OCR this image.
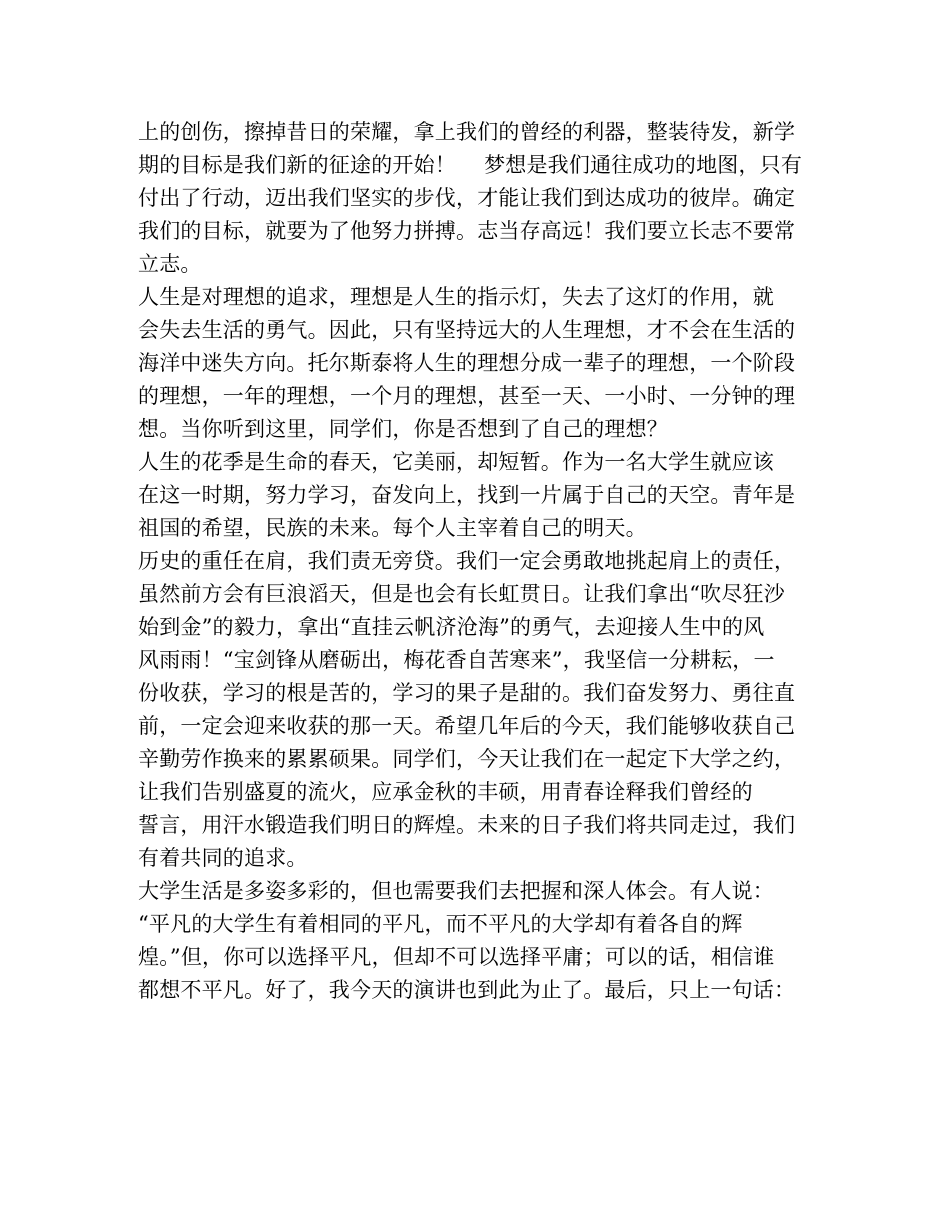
上的创伤，擦掉昔日的荣耀，拿上我们的曾经的利器，整装待发，新学
期的目标是我们新的征途的开始！　 梦想是我们通往成功的地图，只有
付出了行动，迈出我们坚实的步伐，才能让我们到达成功的彼岸。确定
我们的目标，就要为了他努力拼搏。志当存高远！我们要立长志不要常
立志。
人生是对理想的追求，理想是人生的指示灯，失去了这灯的作用，就
会失去生活的勇气。因此，只有坚持远大的人生理想，才不会在生活的
海洋中迷失方向。托尔斯泰将人生的理想分成一辈子的理想，一个阶段
的理想，一年的理想，一个月的理想，甚至一天、一小时、一分钟的理
想。当你听到这里，同学们，你是否想到了自己的理想？
人生的花季是生命的春天，它美丽，却短暂。作为一名大学生就应该
在这一时期，努力学习，奋发向上，找到一片属于自己的天空。青年是
祖国的希望，民族的未来。每个人主宰着自己的明天。
历史的重任在肩，我们责无旁贷。我们一定会勇敢地挑起肩上的责任，
虽然前方会有巨浪滔天，但是也会有长虹贯日。让我们拿出“吹尽狂沙
始到金”的毅力，拿出“直挂云帆济沧海”的勇气，去迎接人生中的风
风雨雨！“宝剑锋从磨砺出，梅花香自苦寒来”，我坚信一分耕耘，一
份收获，学习的根是苦的，学习的果子是甜的。我们奋发努力、勇往直
前，一定会迎来收获的那一天。希望几年后的今天，我们能够收获自己
辛勤劳作换来的累累硕果。同学们，今天让我们在一起定下大学之约，
让我们告别盛夏的流火，应承金秋的丰硕，用青春诠释我们曾经的
誓言，用汗水锻造我们明日的辉煌。未来的日子我们将共同走过，我们
有着共同的追求。
大学生活是多姿多彩的，但也需要我们去把握和深人体会。有人说：
“平凡的大学生有着相同的平凡，而不平凡的大学却有着各自的辉
煌。”但，你可以选择平凡，但却不可以选择平庸；可以的话，相信谁
都想不平凡。好了，我今天的演讲也到此为止了。最后，只上一句话：
